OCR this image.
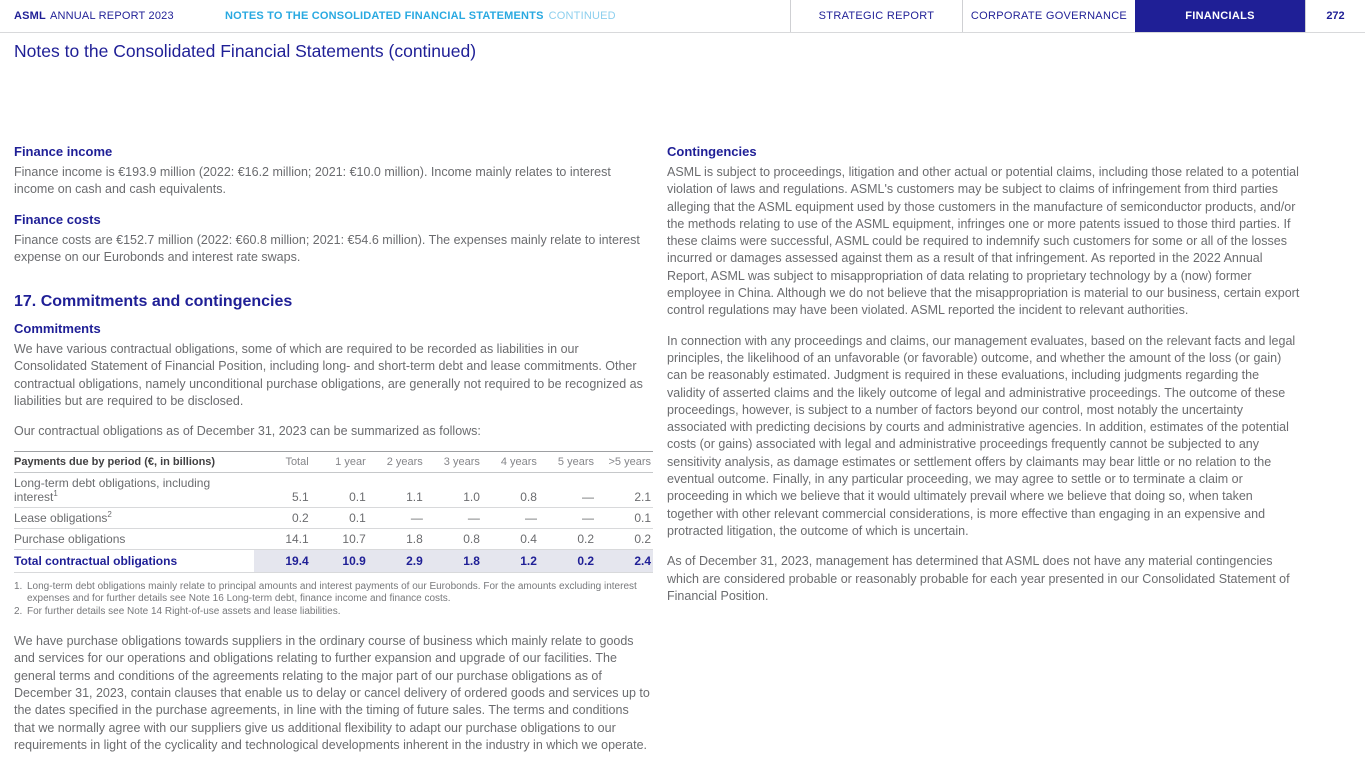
ASML ANNUAL REPORT 2023	NOTES TO THE CONSOLIDATED FINANCIAL STATEMENTS CONTINUED	STRATEGIC REPORT	CORPORATE GOVERNANCE	FINANCIALS	272
Notes to the Consolidated Financial Statements (continued)
Finance income

Finance income is €193.9 million (2022: €16.2 million; 2021: €10.0 million). Income mainly relates to interest income on cash and cash equivalents.

Finance costs

Finance costs are €152.7 million (2022: €60.8 million; 2021: €54.6 million). The expenses mainly relate to interest expense on our Eurobonds and interest rate swaps.

17. Commitments and contingencies
Commitments

We have various contractual obligations, some of which are required to be recorded as liabilities in our Consolidated Statement of Financial Position, including long- and short-term debt and lease commitments. Other contractual obligations, namely unconditional purchase obligations, are generally not required to be recognized as liabilities but are required to be disclosed.

Our contractual obligations as of December 31, 2023 can be summarized as follows:

Payments due by period (€, in billions)	Total	1 year	2 years	3 years	4 years	5 years	>5 years
Long-term debt obligations, including interest$^1$	5.1	0.1	1.1	1.0	0.8	—	2.1
Lease obligations$^2$	0.2	0.1	—	—	—	—	0.1
Purchase obligations	14.1	10.7	1.8	0.8	0.4	0.2	0.2
Total contractual obligations	19.4	10.9	2.9	1.8	1.2	0.2	2.4
1. Long-term debt obligations mainly relate to principal amounts and interest payments of our Eurobonds. For the amounts excluding interest expenses and for further details see Note 16 Long-term debt, finance income and finance costs.
2. For further details see Note 14 Right-of-use assets and lease liabilities.

We have purchase obligations towards suppliers in the ordinary course of business which mainly relate to goods and services for our operations and obligations relating to further expansion and upgrade of our facilities. The general terms and conditions of the agreements relating to the major part of our purchase obligations as of December 31, 2023, contain clauses that enable us to delay or cancel delivery of ordered goods and services up to the dates specified in the purchase agreements, in line with the timing of future sales. The terms and conditions that we normally agree with our suppliers give us additional flexibility to adapt our purchase obligations to our requirements in light of the cyclicality and technological developments inherent in the industry in which we operate.

Contingencies

ASML is subject to proceedings, litigation and other actual or potential claims, including those related to a potential violation of laws and regulations. ASML's customers may be subject to claims of infringement from third parties alleging that the ASML equipment used by those customers in the manufacture of semiconductor products, and/or the methods relating to use of the ASML equipment, infringes one or more patents issued to those third parties. If these claims were successful, ASML could be required to indemnify such customers for some or all of the losses incurred or damages assessed against them as a result of that infringement. As reported in the 2022 Annual Report, ASML was subject to misappropriation of data relating to proprietary technology by a (now) former employee in China. Although we do not believe that the misappropriation is material to our business, certain export control regulations may have been violated. ASML reported the incident to relevant authorities.

In connection with any proceedings and claims, our management evaluates, based on the relevant facts and legal principles, the likelihood of an unfavorable (or favorable) outcome, and whether the amount of the loss (or gain) can be reasonably estimated. Judgment is required in these evaluations, including judgments regarding the validity of asserted claims and the likely outcome of legal and administrative proceedings. The outcome of these proceedings, however, is subject to a number of factors beyond our control, most notably the uncertainty associated with predicting decisions by courts and administrative agencies. In addition, estimates of the potential costs (or gains) associated with legal and administrative proceedings frequently cannot be subjected to any sensitivity analysis, as damage estimates or settlement offers by claimants may bear little or no relation to the eventual outcome. Finally, in any particular proceeding, we may agree to settle or to terminate a claim or proceeding in which we believe that it would ultimately prevail where we believe that doing so, when taken together with other relevant commercial considerations, is more effective than engaging in an expensive and protracted litigation, the outcome of which is uncertain.

As of December 31, 2023, management has determined that ASML does not have any material contingencies which are considered probable or reasonably probable for each year presented in our Consolidated Statement of Financial Position.
